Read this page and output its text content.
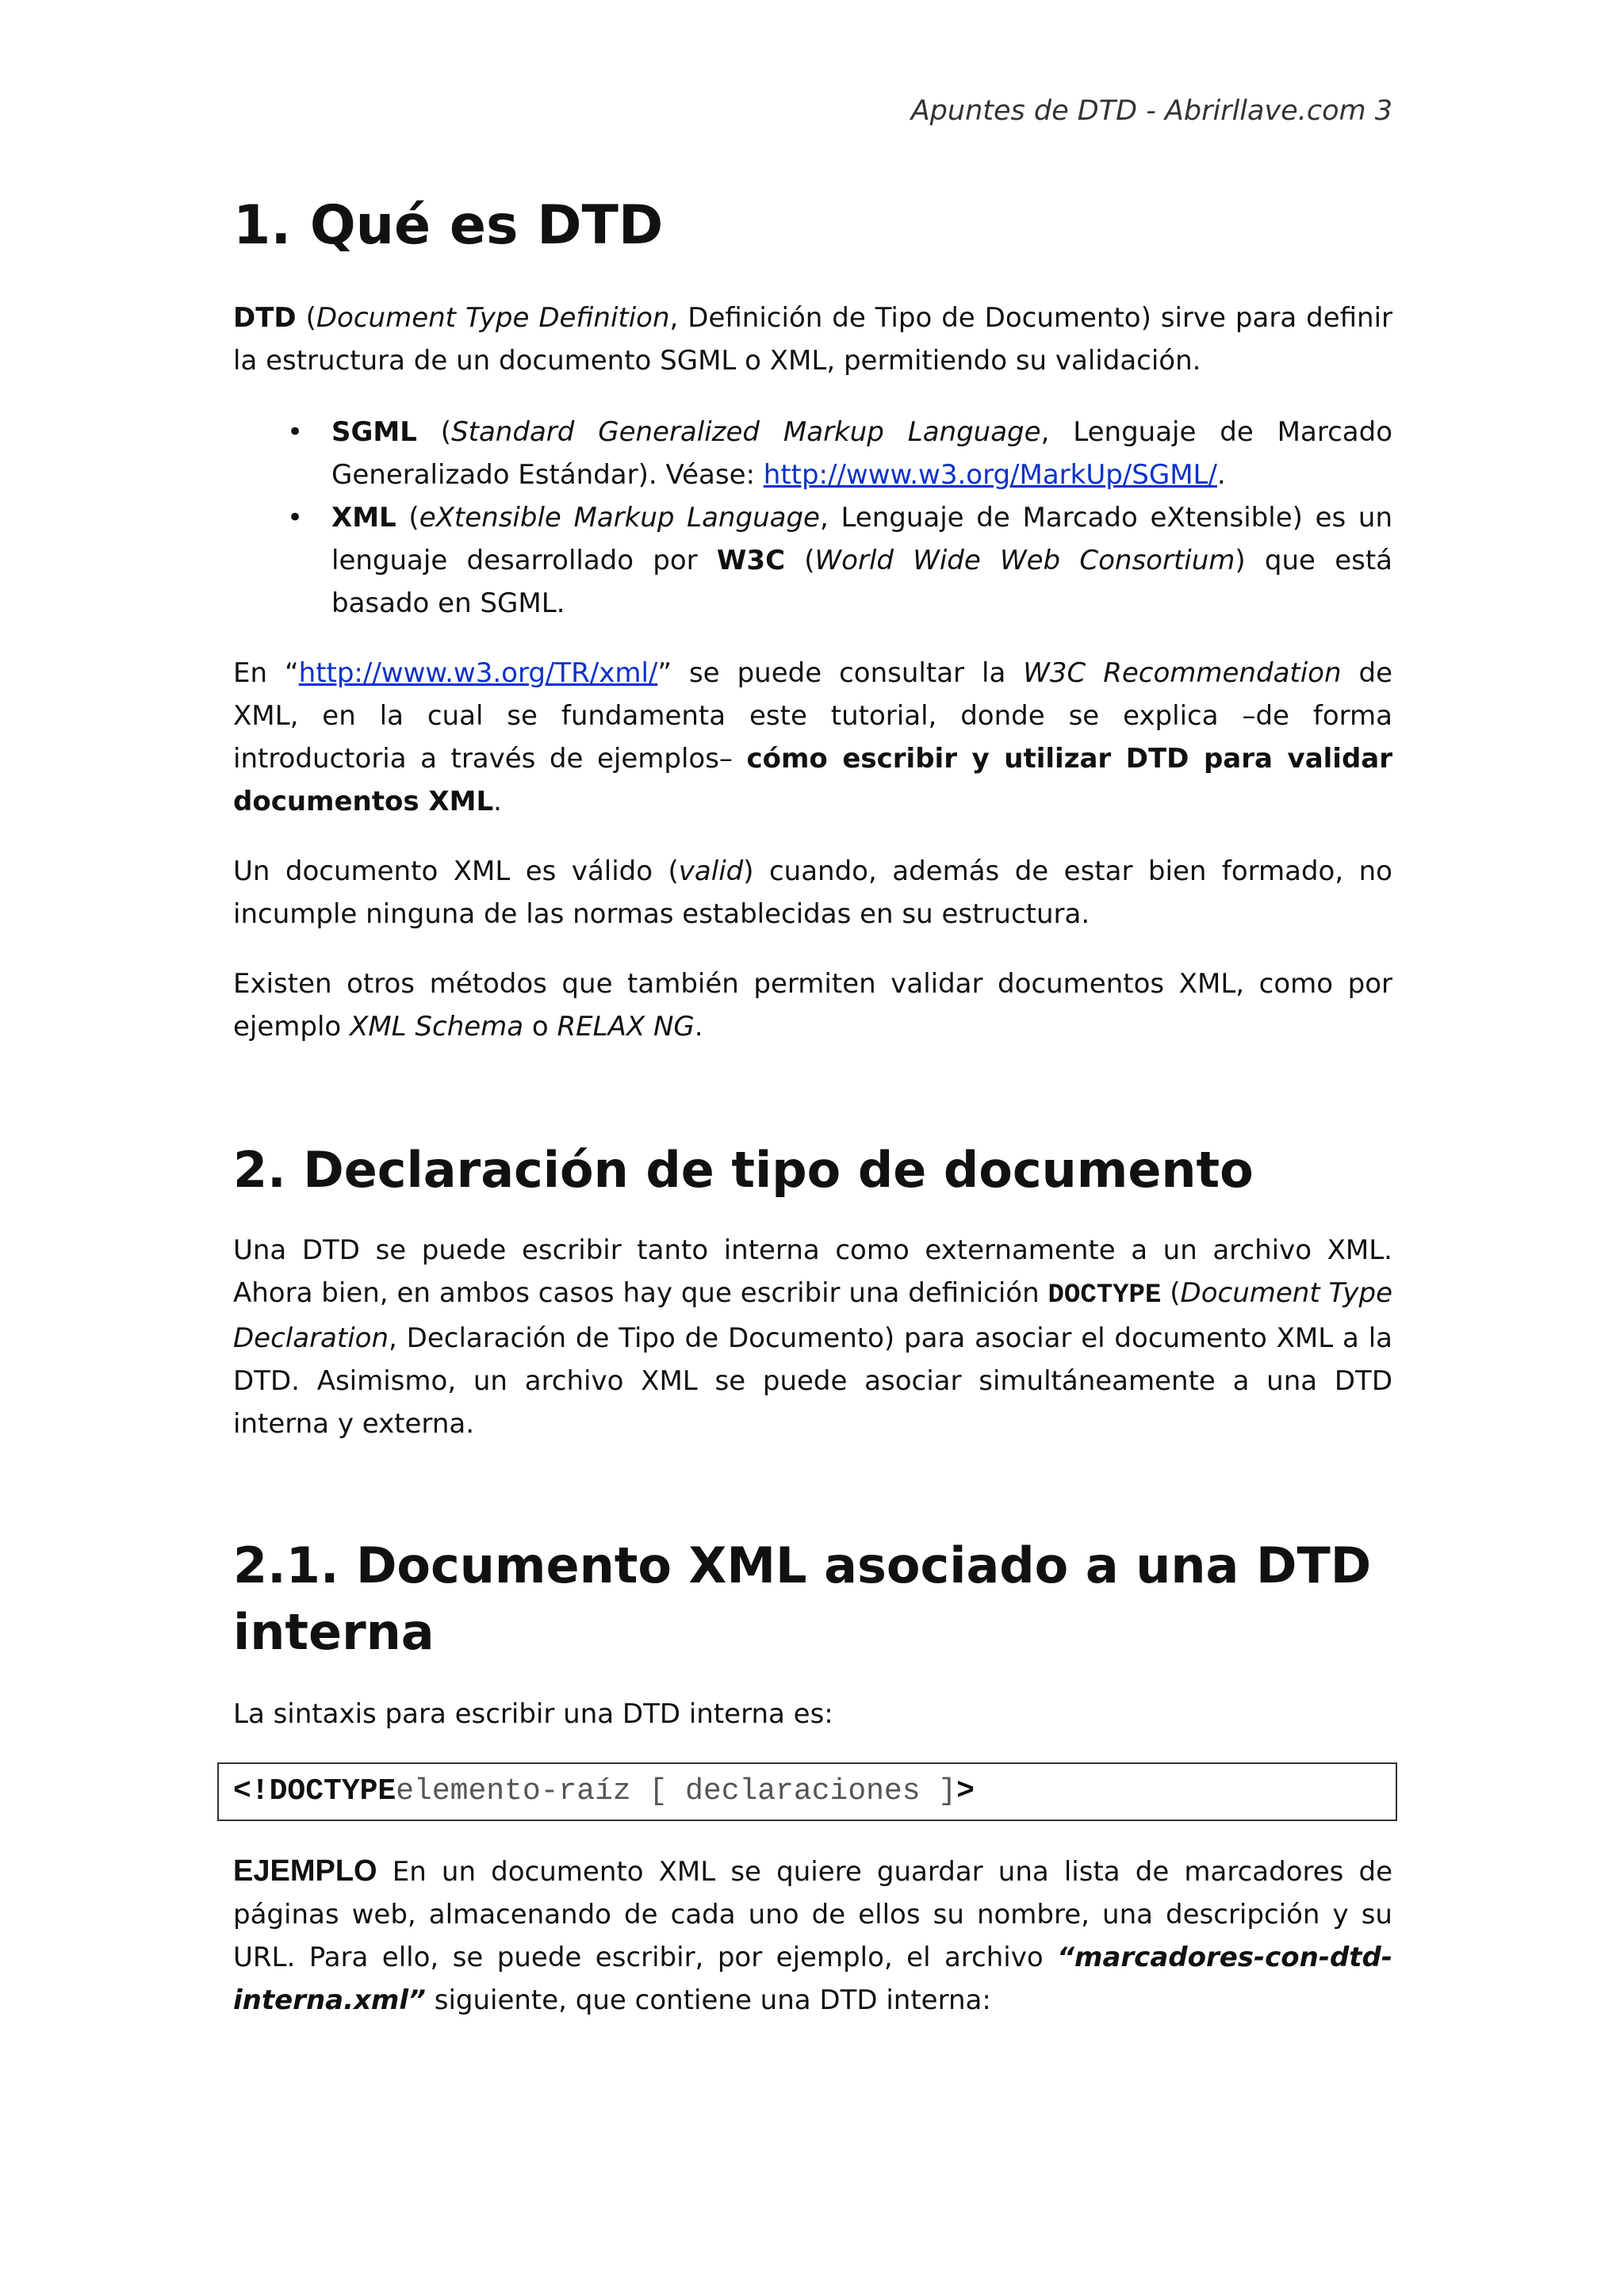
Apuntes de DTD - Abrirllave.com 3
1. Qué es DTD

DTD (Document Type Definition, Definición de Tipo de Documento) sirve para definir la estructura de un documento SGML o XML, permitiendo su validación.

• SGML (Standard Generalized Markup Language, Lenguaje de Marcado Generalizado Estándar). Véase: http://www.w3.org/MarkUp/SGML/.
• XML (eXtensible Markup Language, Lenguaje de Marcado eXtensible) es un lenguaje desarrollado por W3C (World Wide Web Consortium) que está basado en SGML.

En “http://www.w3.org/TR/xml/” se puede consultar la W3C Recommendation de XML, en la cual se fundamenta este tutorial, donde se explica –de forma introductoria a través de ejemplos– cómo escribir y utilizar DTD para validar documentos XML.

Un documento XML es válido (valid) cuando, además de estar bien formado, no incumple ninguna de las normas establecidas en su estructura.

Existen otros métodos que también permiten validar documentos XML, como por ejemplo XML Schema o RELAX NG.

2. Declaración de tipo de documento

Una DTD se puede escribir tanto interna como externamente a un archivo XML. Ahora bien, en ambos casos hay que escribir una definición DOCTYPE (Document Type Declaration, Declaración de Tipo de Documento) para asociar el documento XML a la DTD. Asimismo, un archivo XML se puede asociar simultáneamente a una DTD interna y externa.

2.1. Documento XML asociado a una DTD interna

La sintaxis para escribir una DTD interna es:

<!DOCTYPE elemento-raíz [ declaraciones ] >

EJEMPLO En un documento XML se quiere guardar una lista de marcadores de páginas web, almacenando de cada uno de ellos su nombre, una descripción y su URL. Para ello, se puede escribir, por ejemplo, el archivo “marcadores-con-dtd-interna.xml” siguiente, que contiene una DTD interna:
